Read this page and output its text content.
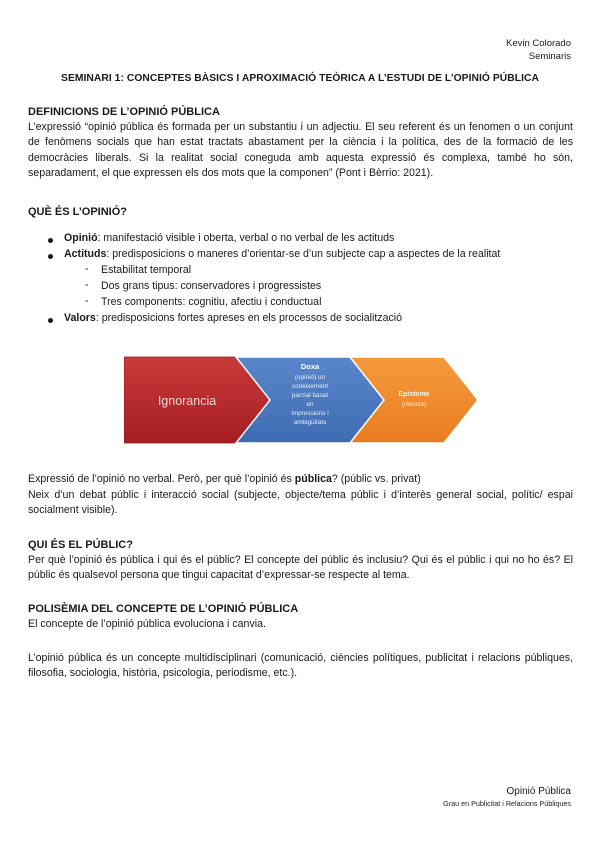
Kevin Colorado
Seminaris
SEMINARI 1: CONCEPTES BÀSICS I APROXIMACIÓ TEÒRICA A L’ESTUDI DE L’OPINIÓ PÚBLICA
DEFINICIONS DE L’OPINIÓ PÚBLICA
L’expressió “opinió pública és formada per un substantiu i un adjectiu. El seu referent és un fenomen o un conjunt de fenòmens socials que han estat tractats abastament per la ciència i la política, des de la formació de les democràcies liberals. Si la realitat social coneguda amb aquesta expressió és complexa, també ho són, separadament, el que expressen els dos mots que la componen” (Pont i Bèrrio: 2021).
QUÈ ÉS L’OPINIÓ?
Opinió: manifestació visible i oberta, verbal o no verbal de les actituds
Actituds: predisposicions o maneres d’orientar-se d’un subjecte cap a aspectes de la realitat
- Estabilitat temporal
- Dos grans tipus: conservadores i progressistes
- Tres components: cognitiu, afectiu i conductual
Valors: predisposicions fortes apreses en els processos de socialització
Ignorancia
Doxa
(opinió) un
coneixement
parcial basat
en
impressions i
ambigüitats
Episteme
(ciència)
Expressió de l’opinió no verbal. Però, per què l’opinió és pública? (públic vs. privat)
Neix d’un debat públic i interacció social (subjecte, objecte/tema públic i d’interès general social, polític/ espai socialment visible).
QUI ÉS EL PÚBLIC?
Per què l’opinió és pública i qui és el públic? El concepte del públic és inclusiu? Qui és el públic i qui no ho és? El públic és qualsevol persona que tingui capacitat d’expressar-se respecte al tema.
POLISÈMIA DEL CONCEPTE DE L’OPINIÓ PÚBLICA
El concepte de l’opinió pública evoluciona i canvia.
L’opinió pública és un concepte multidisciplinari (comunicació, ciències polítiques, publicitat i relacions públiques, filosofia, sociologia, història, psicologia, periodisme, etc.).
Opinió Pública
Grau en Publicitat i Relacions Públiques
